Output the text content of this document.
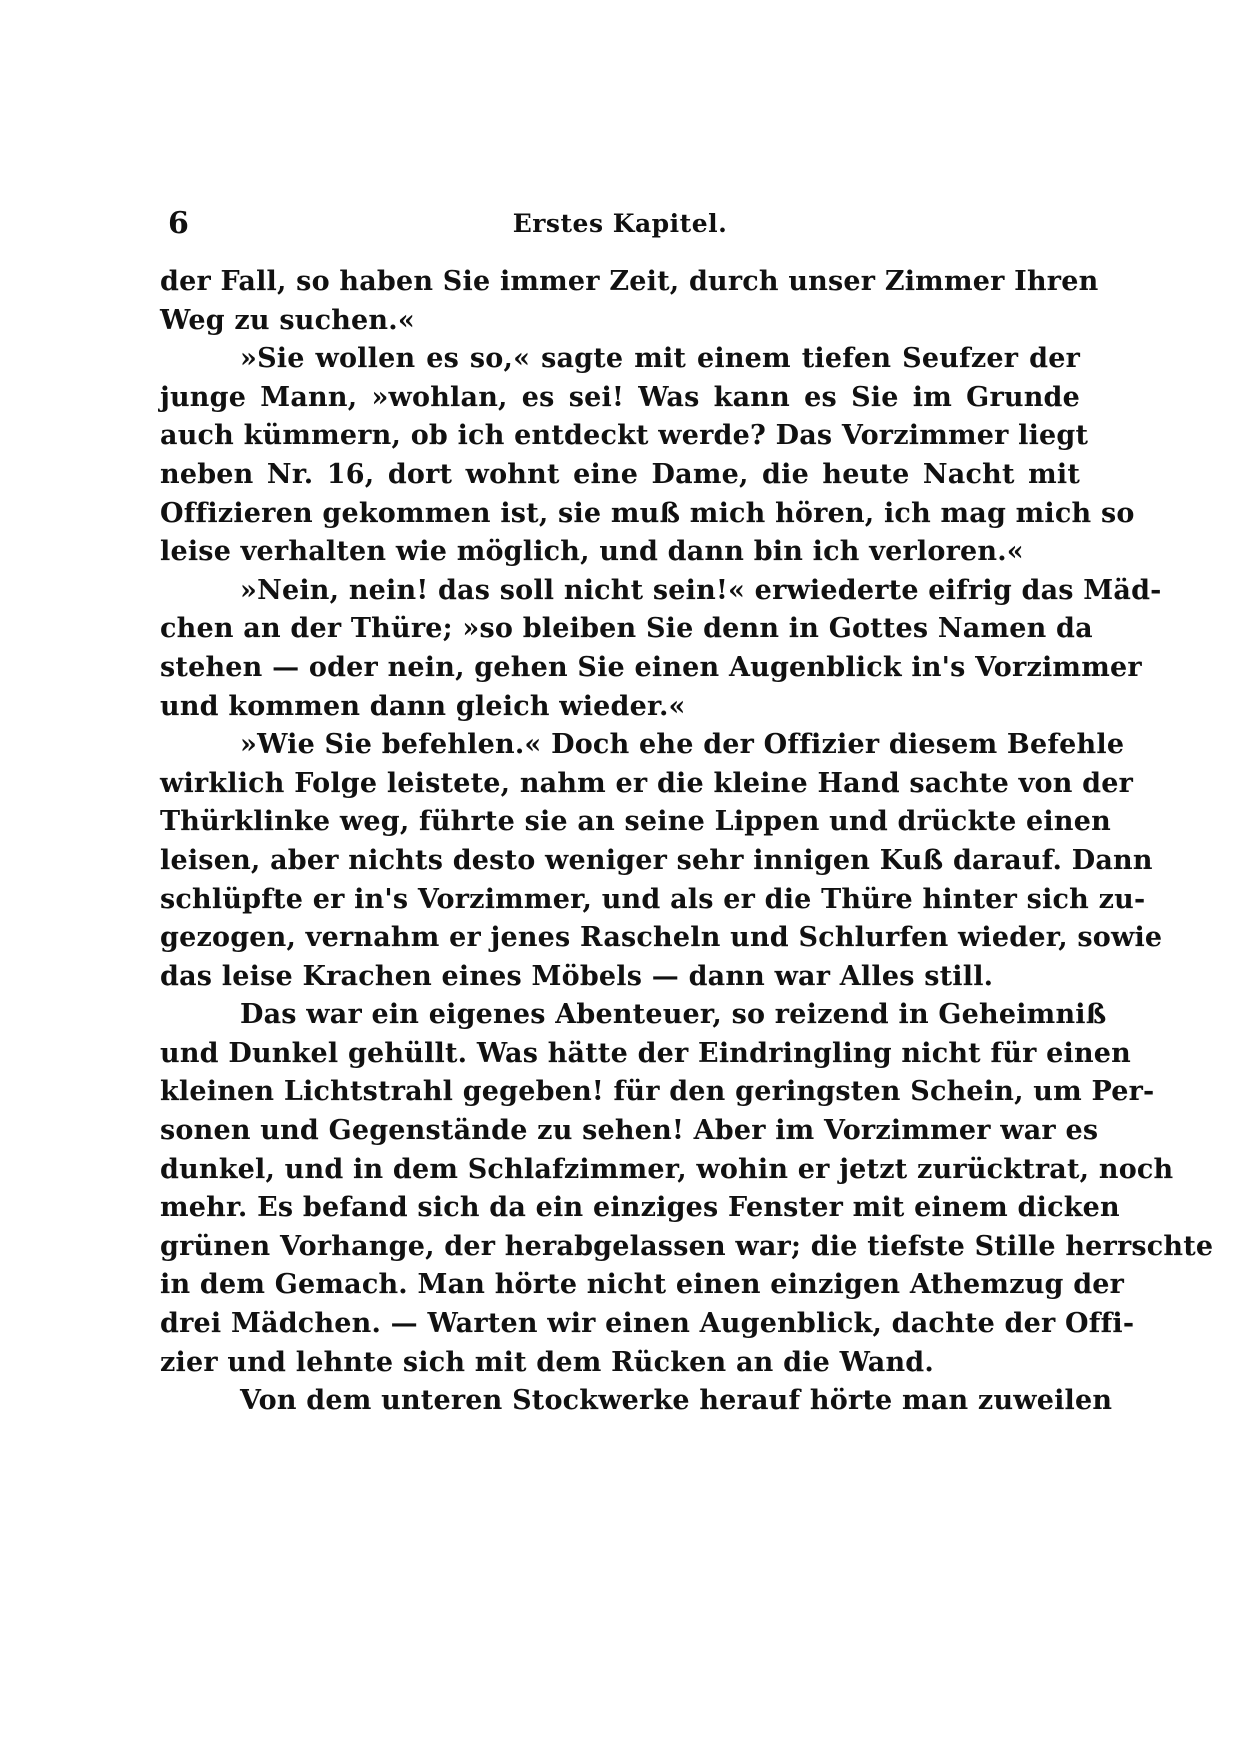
6	Erstes Kapitel.
der Fall, so haben Sie immer Zeit, durch unser Zimmer Ihren
Weg zu suchen.«
»Sie wollen es so,« sagte mit einem tiefen Seufzer der
junge Mann, »wohlan, es sei! Was kann es Sie im Grunde
auch kümmern, ob ich entdeckt werde? Das Vorzimmer liegt
neben Nr. 16, dort wohnt eine Dame, die heute Nacht mit
Offizieren gekommen ist, sie muß mich hören, ich mag mich so
leise verhalten wie möglich, und dann bin ich verloren.«
»Nein, nein! das soll nicht sein!« erwiederte eifrig das Mäd-
chen an der Thüre; »so bleiben Sie denn in Gottes Namen da
stehen — oder nein, gehen Sie einen Augenblick in's Vorzimmer
und kommen dann gleich wieder.«
»Wie Sie befehlen.« Doch ehe der Offizier diesem Befehle
wirklich Folge leistete, nahm er die kleine Hand sachte von der
Thürklinke weg, führte sie an seine Lippen und drückte einen
leisen, aber nichts desto weniger sehr innigen Kuß darauf. Dann
schlüpfte er in's Vorzimmer, und als er die Thüre hinter sich zu-
gezogen, vernahm er jenes Rascheln und Schlurfen wieder, sowie
das leise Krachen eines Möbels — dann war Alles still.
Das war ein eigenes Abenteuer, so reizend in Geheimniß
und Dunkel gehüllt. Was hätte der Eindringling nicht für einen
kleinen Lichtstrahl gegeben! für den geringsten Schein, um Per-
sonen und Gegenstände zu sehen! Aber im Vorzimmer war es
dunkel, und in dem Schlafzimmer, wohin er jetzt zurücktrat, noch
mehr. Es befand sich da ein einziges Fenster mit einem dicken
grünen Vorhange, der herabgelassen war; die tiefste Stille herrschte
in dem Gemach. Man hörte nicht einen einzigen Athemzug der
drei Mädchen. — Warten wir einen Augenblick, dachte der Offi-
zier und lehnte sich mit dem Rücken an die Wand.
Von dem unteren Stockwerke herauf hörte man zuweilen
